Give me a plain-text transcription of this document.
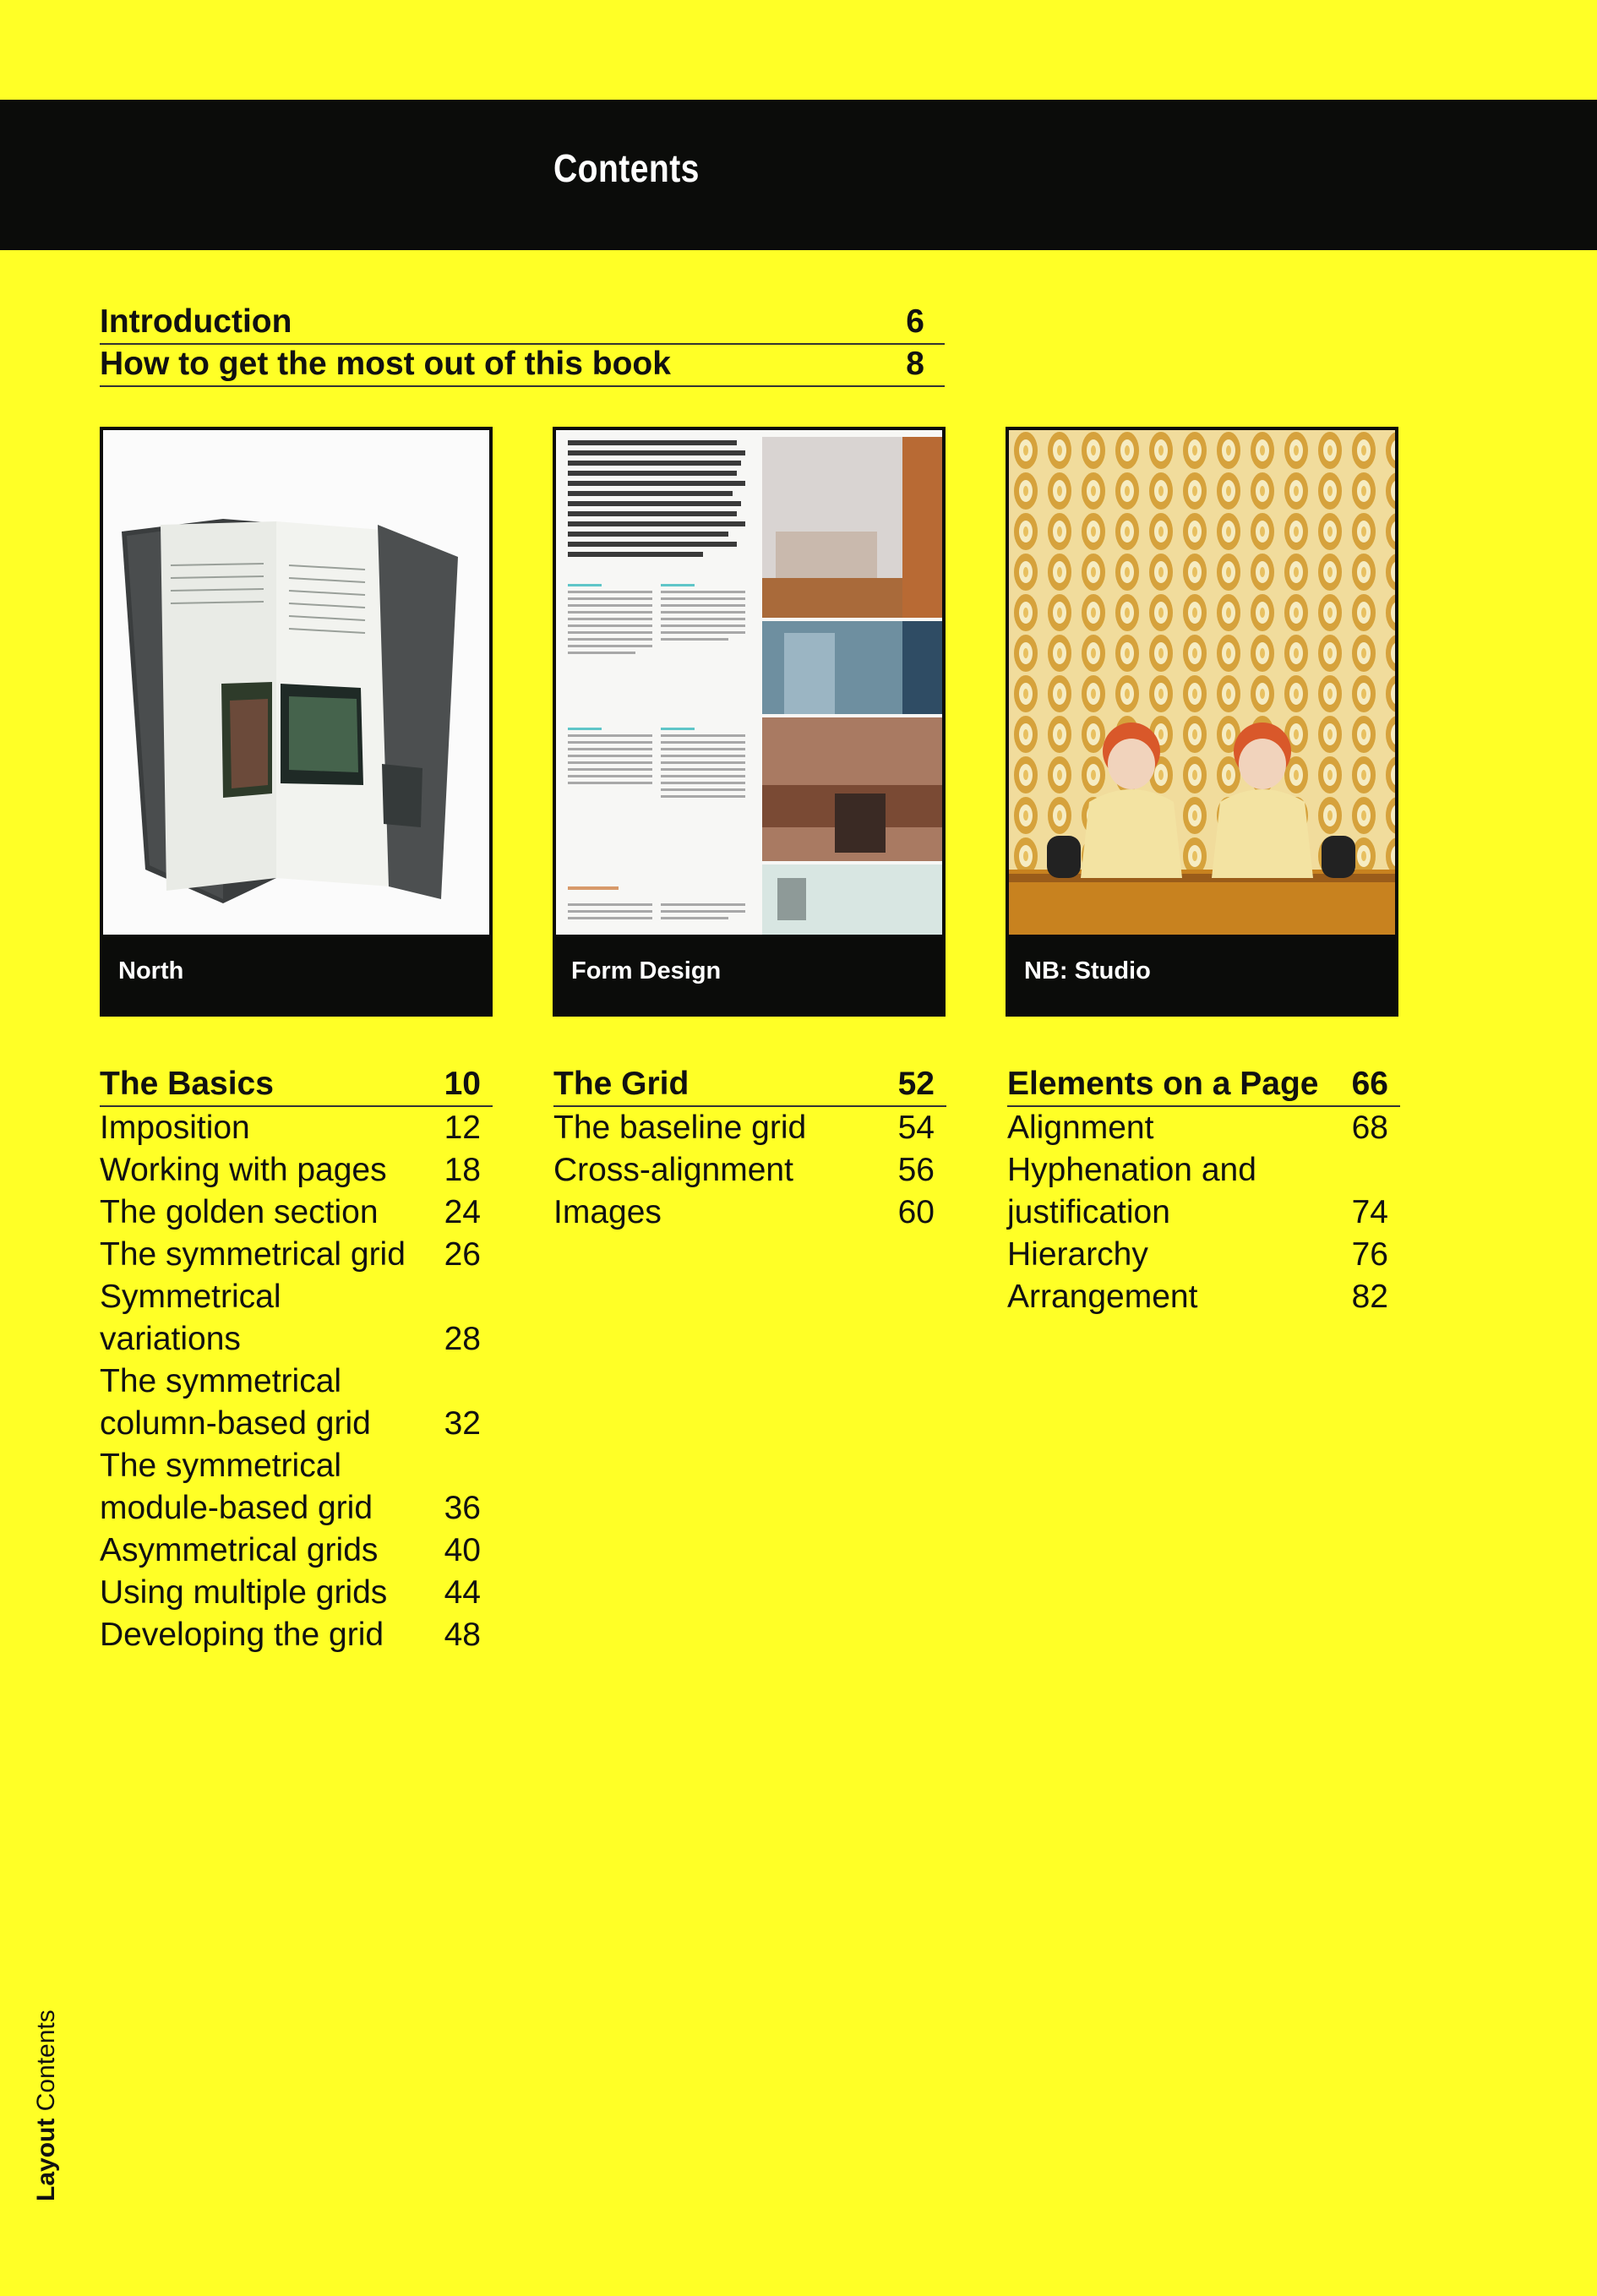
Contents
Introduction	6
How to get the most out of this book	8
North	Form Design	NB: Studio
The Basics	10
Imposition	12
Working with pages 18
The golden section 24
The symmetrical grid 26
Symmetrical variations	28
The symmetrical column-based grid	32
The symmetrical module-based grid	36
Asymmetrical grids 40
Using multiple grids 44
Developing the grid 48
The Grid	52
The baseline grid	54
Cross-alignment	56
Images	60
Elements on a Page 66
Alignment	68
Hyphenation and justification	74
Hierarchy	76
Arrangement	82
Layout Contents
